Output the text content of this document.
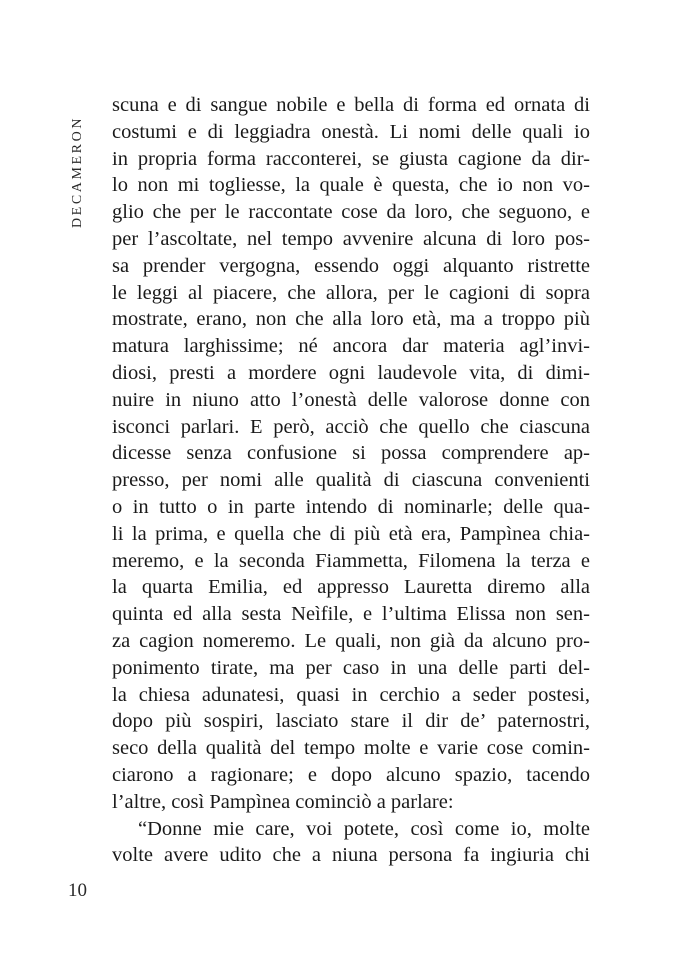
DECAMERON
scuna e di sangue nobile e bella di forma ed ornata di
costumi e di leggiadra onestà. Li nomi delle quali io
in propria forma racconterei, se giusta cagione da dir-
lo non mi togliesse, la quale è questa, che io non vo-
glio che per le raccontate cose da loro, che seguono, e
per l’ascoltate, nel tempo avvenire alcuna di loro pos-
sa prender vergogna, essendo oggi alquanto ristrette
le leggi al piacere, che allora, per le cagioni di sopra
mostrate, erano, non che alla loro età, ma a troppo più
matura larghissime; né ancora dar materia agl’invi-
diosi, presti a mordere ogni laudevole vita, di dimi-
nuire in niuno atto l’onestà delle valorose donne con
isconci parlari. E però, acciò che quello che ciascuna
dicesse senza confusione si possa comprendere ap-
presso, per nomi alle qualità di ciascuna convenienti
o in tutto o in parte intendo di nominarle; delle qua-
li la prima, e quella che di più età era, Pampìnea chia-
meremo, e la seconda Fiammetta, Filomena la terza e
la quarta Emilia, ed appresso Lauretta diremo alla
quinta ed alla sesta Neìfile, e l’ultima Elissa non sen-
za cagion nomeremo. Le quali, non già da alcuno pro-
ponimento tirate, ma per caso in una delle parti del-
la chiesa adunatesi, quasi in cerchio a seder postesi,
dopo più sospiri, lasciato stare il dir de’ paternostri,
seco della qualità del tempo molte e varie cose comin-
ciarono a ragionare; e dopo alcuno spazio, tacendo
l’altre, così Pampìnea cominciò a parlare:
“Donne mie care, voi potete, così come io, molte
volte avere udito che a niuna persona fa ingiuria chi
10
